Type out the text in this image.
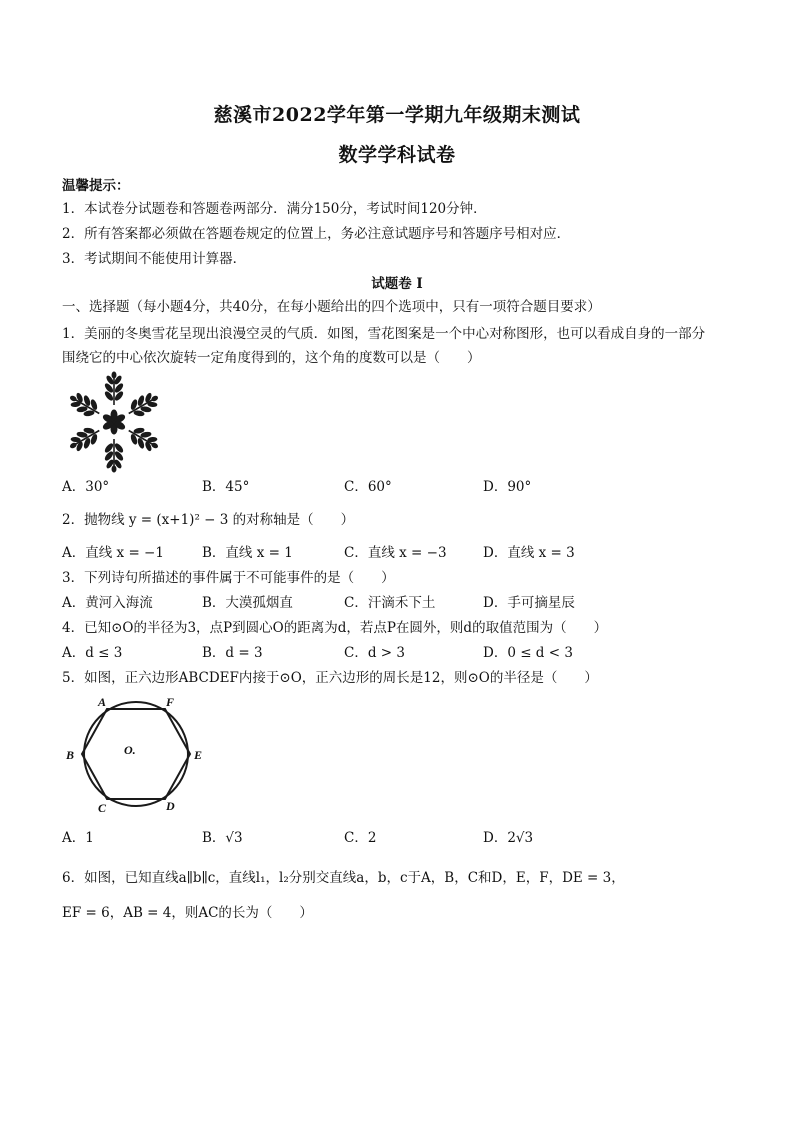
慈溪市2022学年第一学期九年级期末测试
数学学科试卷
温馨提示：
1．本试卷分试题卷和答题卷两部分．满分150分，考试时间120分钟．
2．所有答案都必须做在答题卷规定的位置上，务必注意试题序号和答题序号相对应．
3．考试期间不能使用计算器．
试题卷 I
一、选择题（每小题4分，共40分，在每小题给出的四个选项中，只有一项符合题目要求）
1．美丽的冬奥雪花呈现出浪漫空灵的气质．如图，雪花图案是一个中心对称图形，也可以看成自身的一部分
围绕它的中心依次旋转一定角度得到的，这个角的度数可以是（　　）
A．30°	B．45°	C．60°	D．90°
2．抛物线 y = (x+1)² − 3 的对称轴是（　　）
A．直线 x = −1	B．直线 x = 1	C．直线 x = −3	D．直线 x = 3
3．下列诗句所描述的事件属于不可能事件的是（　　）
A．黄河入海流	B．大漠孤烟直	C．汗滴禾下土	D．手可摘星辰
4．已知⊙O的半径为3，点P到圆心O的距离为d，若点P在圆外，则d的取值范围为（　　）
A．d ≤ 3	B．d = 3	C．d > 3	D．0 ≤ d < 3
5．如图，正六边形ABCDEF内接于⊙O，正六边形的周长是12，则⊙O的半径是（　　）
A	F
B	E
C	D
O.
A．1	B．√3	C．2	D．2√3
6．如图，已知直线a∥b∥c，直线l₁，l₂分别交直线a，b，c于A，B，C和D，E，F，DE = 3，
EF = 6，AB = 4，则AC的长为（　　）
